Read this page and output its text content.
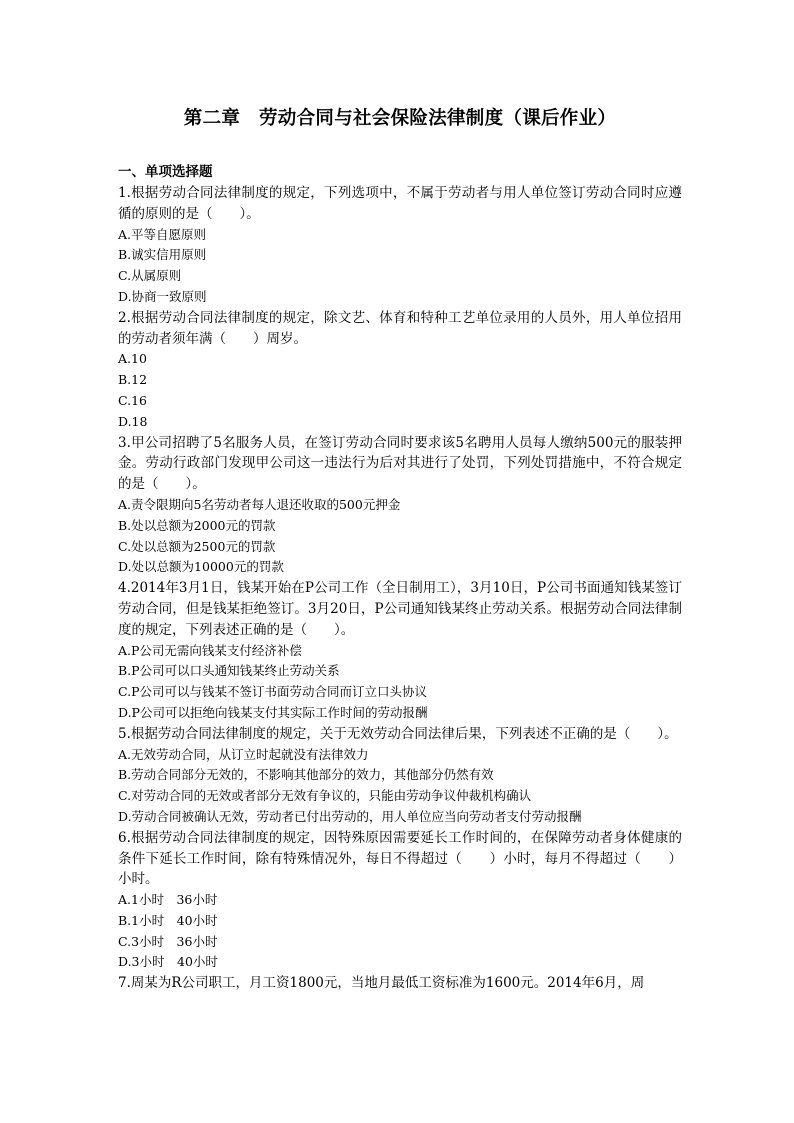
第二章　劳动合同与社会保险法律制度（课后作业）
一、单项选择题

1.根据劳动合同法律制度的规定，下列选项中，不属于劳动者与用人单位签订劳动合同时应遵循的原则的是（　　）。

A.平等自愿原则

B.诚实信用原则

C.从属原则

D.协商一致原则

2.根据劳动合同法律制度的规定，除文艺、体育和特种工艺单位录用的人员外，用人单位招用的劳动者须年满（　　）周岁。

A.10

B.12

C.16

D.18

3.甲公司招聘了5名服务人员，在签订劳动合同时要求该5名聘用人员每人缴纳500元的服装押金。劳动行政部门发现甲公司这一违法行为后对其进行了处罚，下列处罚措施中，不符合规定的是（　　）。

A.责令限期向5名劳动者每人退还收取的500元押金

B.处以总额为2000元的罚款

C.处以总额为2500元的罚款

D.处以总额为10000元的罚款

4.2014年3月1日，钱某开始在P公司工作（全日制用工），3月10日，P公司书面通知钱某签订劳动合同，但是钱某拒绝签订。3月20日，P公司通知钱某终止劳动关系。根据劳动合同法律制度的规定，下列表述正确的是（　　）。

A.P公司无需向钱某支付经济补偿

B.P公司可以口头通知钱某终止劳动关系

C.P公司可以与钱某不签订书面劳动合同而订立口头协议

D.P公司可以拒绝向钱某支付其实际工作时间的劳动报酬

5.根据劳动合同法律制度的规定，关于无效劳动合同法律后果，下列表述不正确的是（　　）。

A.无效劳动合同，从订立时起就没有法律效力

B.劳动合同部分无效的，不影响其他部分的效力，其他部分仍然有效

C.对劳动合同的无效或者部分无效有争议的，只能由劳动争议仲裁机构确认

D.劳动合同被确认无效，劳动者已付出劳动的，用人单位应当向劳动者支付劳动报酬

6.根据劳动合同法律制度的规定，因特殊原因需要延长工作时间的，在保障劳动者身体健康的条件下延长工作时间，除有特殊情况外，每日不得超过（　　）小时，每月不得超过（　　）小时。

A.1小时　36小时

B.1小时　40小时

C.3小时　36小时

D.3小时　40小时

7.周某为R公司职工，月工资1800元，当地月最低工资标准为1600元。2014年6月，周
